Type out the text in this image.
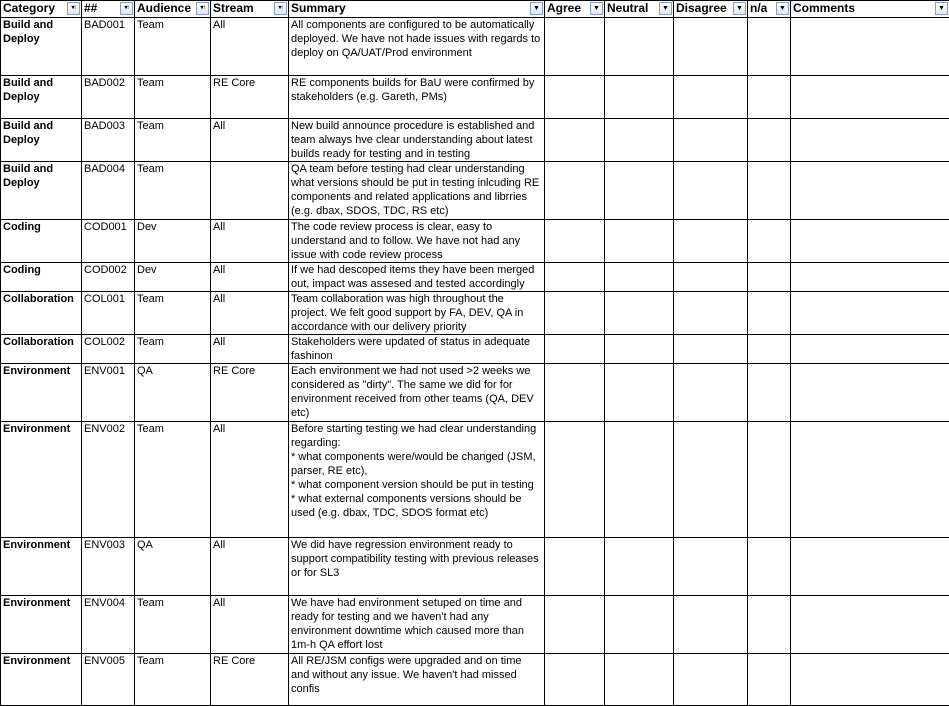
Category ▾↑	## ▾↑	Audience ▾↑	Stream ▾↑	Summary ▼	Agree ▼	Neutral ▼	Disagree ▼	n/a ▼	Comments ▼

Build and Deploy	BAD001	Team	All	All components are configured to be automatically deployed. We have not hade issues with regards to deploy on QA/UAT/Prod environment					
Build and Deploy	BAD002	Team	RE Core	RE components builds for BaU were confirmed by stakeholders (e.g. Gareth, PMs)					
Build and Deploy	BAD003	Team	All	New build announce procedure is established and team always hve clear understanding about latest builds ready for testing and in testing					
Build and Deploy	BAD004	Team		QA team before testing had clear understanding what versions should be put in testing inlcuding RE components and related applications and librries (e.g. dbax, SDOS, TDC, RS etc)					
Coding	COD001	Dev	All	The code review process is clear, easy to understand and to follow. We have not had any issue with code review process					
Coding	COD002	Dev	All	If we had descoped items they have been merged out, impact was assesed and tested accordingly					
Collaboration	COL001	Team	All	Team collaboration was high throughout the project. We felt good support by FA, DEV, QA in accordance with our delivery priority					
Collaboration	COL002	Team	All	Stakeholders were updated of status in adequate fashinon					
Environment	ENV001	QA	RE Core	Each environment we had not used >2 weeks we considered as "dirty". The same we did for for environment received from other teams (QA, DEV etc)					
Environment	ENV002	Team	All	Before starting testing we had clear understanding regarding:
* what components were/would be changed (JSM, parser, RE etc),
* what component version should be put in testing
* what external components versions should be used (e.g. dbax, TDC, SDOS format etc)					
Environment	ENV003	QA	All	We did have regression environment ready to support compatibility testing with previous releases or for SL3					
Environment	ENV004	Team	All	We have had environment setuped on time and ready for testing and we haven't had any environment downtime which caused more than 1m-h QA effort lost					
Environment	ENV005	Team	RE Core	All RE/JSM configs were upgraded and on time and without any issue. We haven't had missed confis					
